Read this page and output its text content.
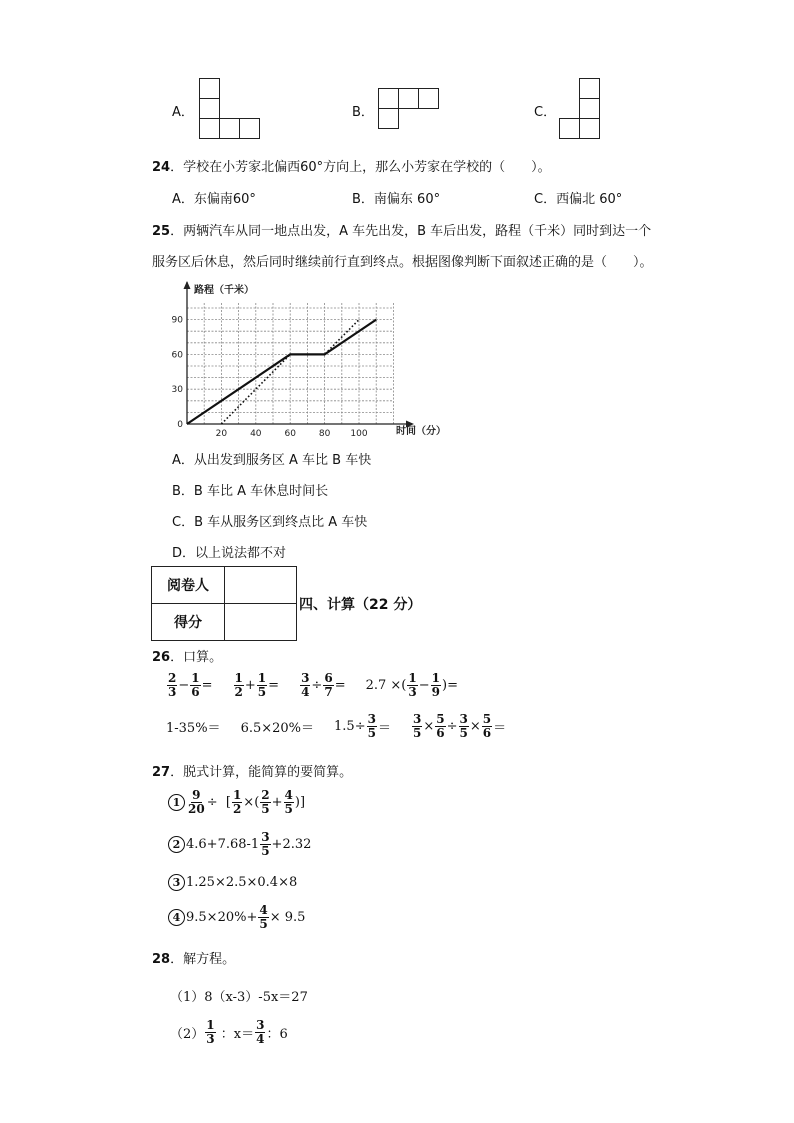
A．	B．	C．
24．学校在小芳家北偏西60°方向上，那么小芳家在学校的（　　）。
A．东偏南60°	B．南偏东 60°	C．西偏北 60°
25．两辆汽车从同一地点出发，A 车先出发，B 车后出发，路程（千米）同时到达一个
服务区后休息，然后同时继续前行直到终点。根据图像判断下面叙述正确的是（　　）。
20	40	60	80 100
0
30
60
90
路程（千米）
时间（分）
A．从出发到服务区 A 车比 B 车快
B．B 车比 A 车休息时间长
C．B 车从服务区到终点比 A 车快
D．以上说法都不对
阅卷人	
得分	
四、计算（22 分）
26．口算。
$\frac{2}{3} - \frac{1}{6} = \frac{1}{2} + \frac{1}{5} = \frac{3}{4} \div \frac{6}{7}$ =
2.7 ×( $\frac{1}{3} - \frac{1}{9}$ )=
$1-35\%= 6.5\times 20\%= 1.5\div \frac{3}{5} = \frac{3}{5} \times \frac{5}{6} \div \frac{3}{5} \times \frac{5}{6}$ ＝
27．脱式计算，能简算的要简算。
$1 \frac{9}{20}$ ÷  [ $\frac{1}{2}$ ×( $\frac{2}{5} + \frac{4}{5}$ )]
2 $4.6+7.68-1 \frac{3}{5} +2.32$
3 1.25×2.5×0.4×8
4 $9.5\times 20\%+ \frac{4}{5} \times 9.5$
28．解方程。
（1）8（x-3）-5x＝27
$(2) \frac{1}{3}$ ：$x= \frac{3}{4}$ ：6
